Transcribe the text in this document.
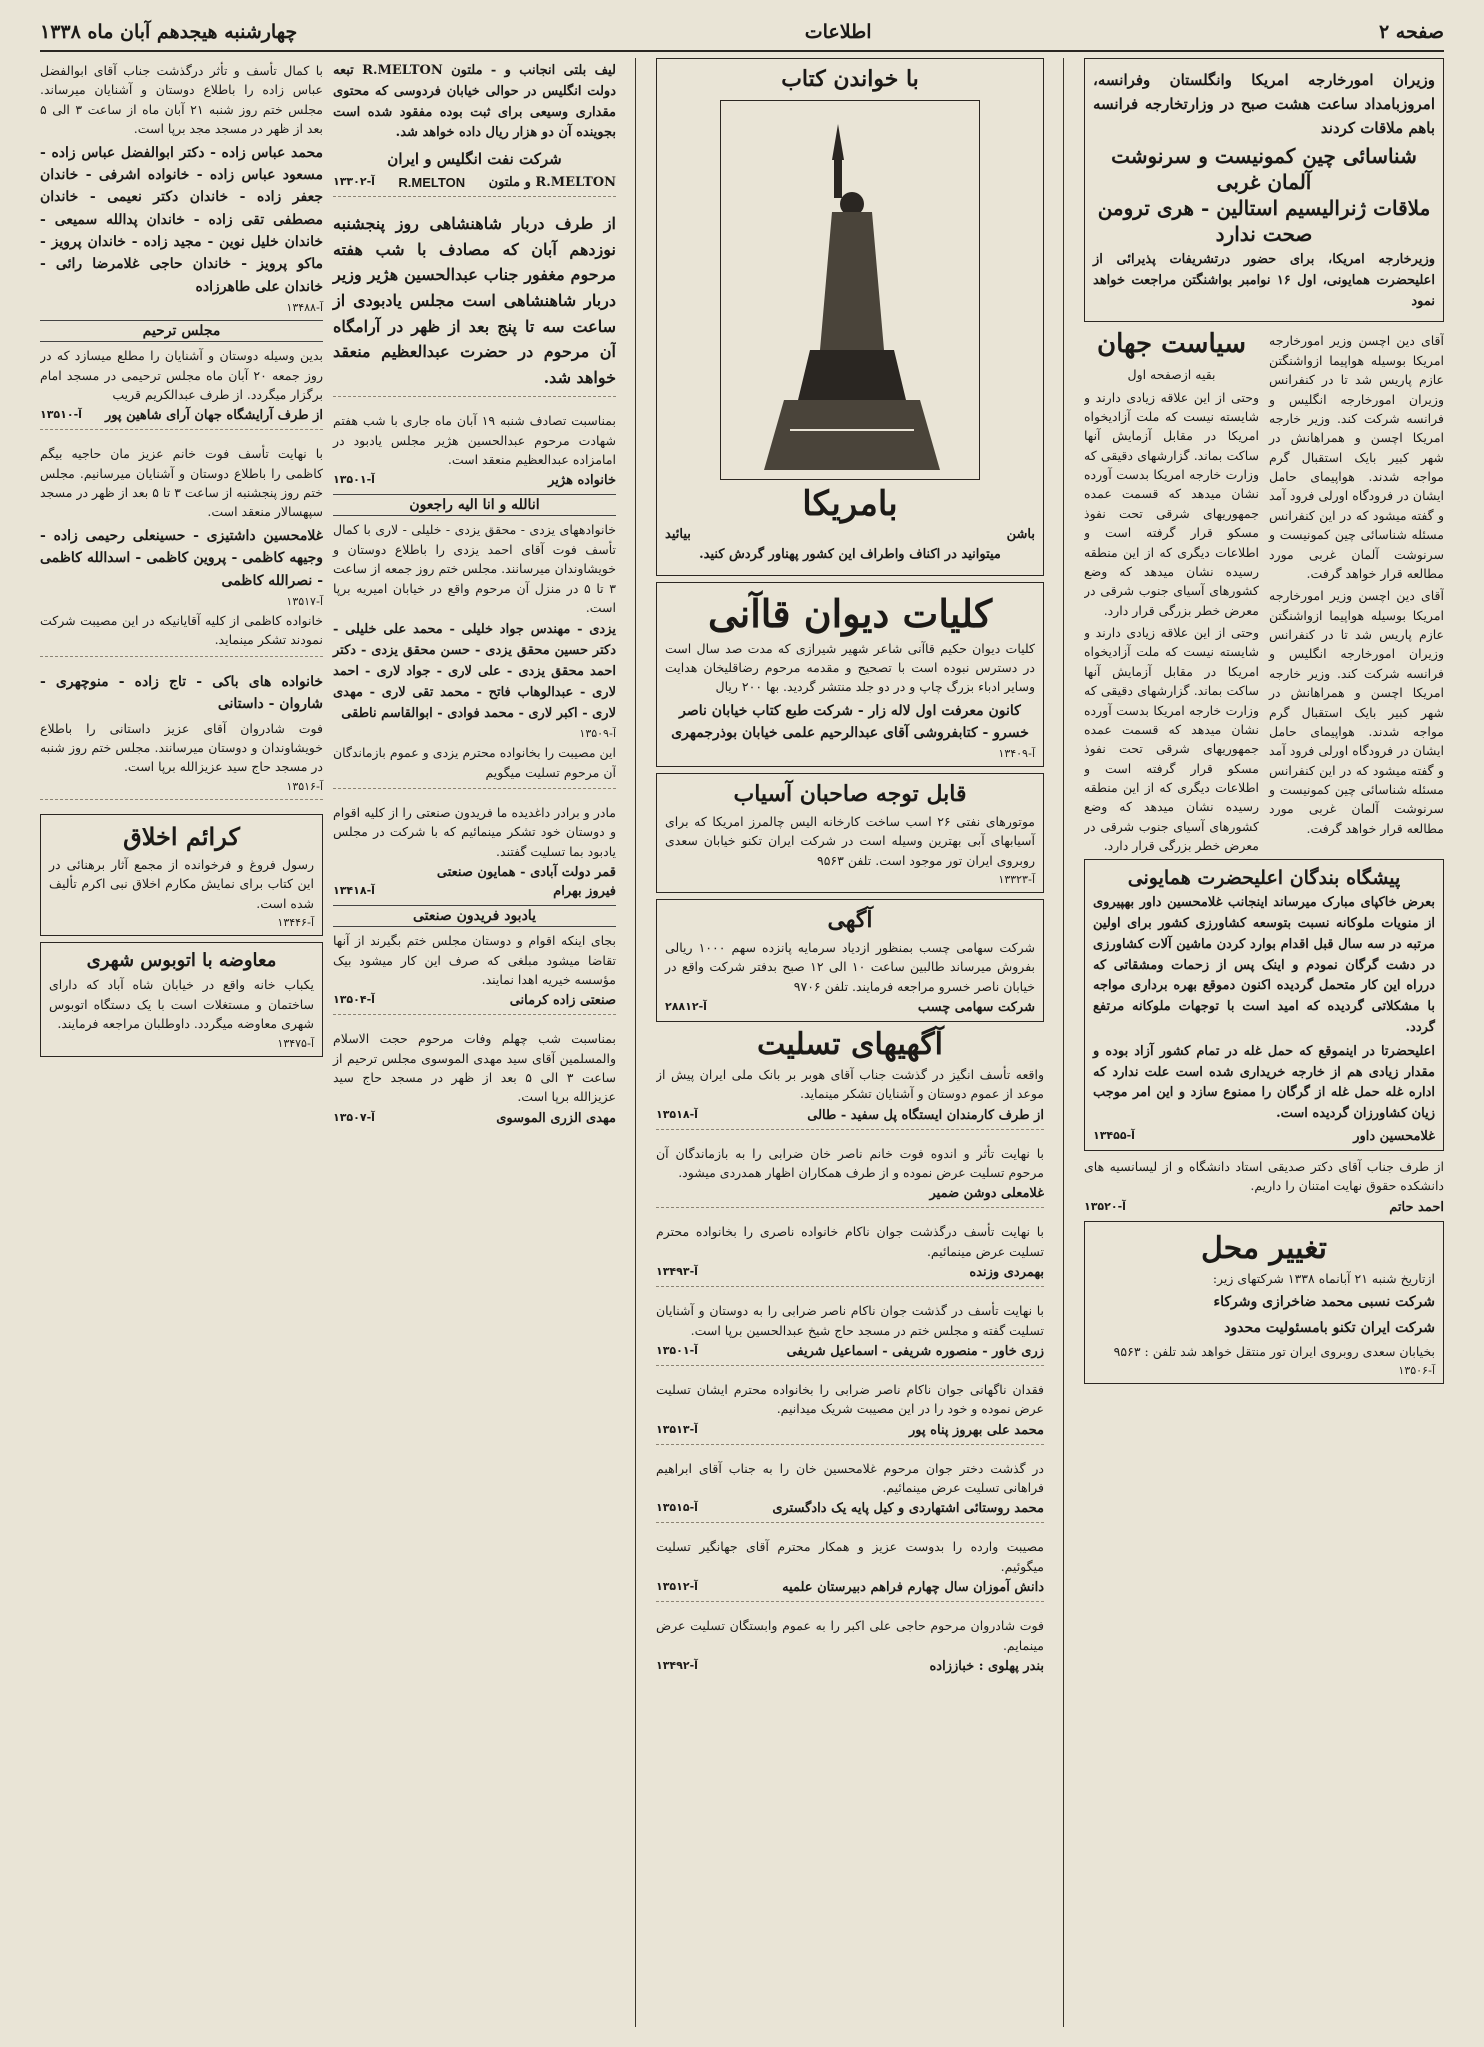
صفحه ۲
اطلاعات
چهارشنبه هیجدهم آبان ماه ۱۳۳۸
وزیران امورخارجه امریکا وانگلستان وفرانسه، امروزبامداد ساعت هشت صبح در وزارتخارجه فرانسه باهم ملاقات کردند
شناسائی چین کمونیست و سرنوشت آلمان غربی
ملاقات ژنرالیسیم استالین - هری ترومن صحت ندارد
وزیرخارجه امریکا، برای حضور درتشریفات پذیرائی از اعلیحضرت همایونی، اول ۱۶ نوامبر بواشنگتن مراجعت خواهد نمود
آقای دین اچسن وزیر امورخارجه امریکا بوسیله هواپیما ازواشنگتن عازم پاریس شد تا در کنفرانس وزیران امورخارجه انگلیس و فرانسه شرکت کند. وزیر خارجه امریکا اچسن و همراهانش در شهر کبیر بایک استقبال گرم مواجه شدند. هواپیمای حامل ایشان در فرودگاه اورلی فرود آمد و گفته میشود که در این کنفرانس مسئله شناسائی چین کمونیست و سرنوشت آلمان غربی مورد مطالعه قرار خواهد گرفت.
آقای دین اچسن وزیر امورخارجه امریکا بوسیله هواپیما ازواشنگتن عازم پاریس شد تا در کنفرانس وزیران امورخارجه انگلیس و فرانسه شرکت کند. وزیر خارجه امریکا اچسن و همراهانش در شهر کبیر بایک استقبال گرم مواجه شدند. هواپیمای حامل ایشان در فرودگاه اورلی فرود آمد و گفته میشود که در این کنفرانس مسئله شناسائی چین کمونیست و سرنوشت آلمان غربی مورد مطالعه قرار خواهد گرفت.
سیاست جهان
بقیه ازصفحه اول
وحتی از این علاقه زیادی دارند و شایسته نیست که ملت آزادیخواه امریکا در مقابل آزمایش آنها ساکت بماند. گزارشهای دقیقی که وزارت خارجه امریکا بدست آورده نشان میدهد که قسمت عمده جمهوریهای شرقی تحت نفوذ مسکو قرار گرفته است و اطلاعات دیگری که از این منطقه رسیده نشان میدهد که وضع کشورهای آسیای جنوب شرقی در معرض خطر بزرگی قرار دارد.
وحتی از این علاقه زیادی دارند و شایسته نیست که ملت آزادیخواه امریکا در مقابل آزمایش آنها ساکت بماند. گزارشهای دقیقی که وزارت خارجه امریکا بدست آورده نشان میدهد که قسمت عمده جمهوریهای شرقی تحت نفوذ مسکو قرار گرفته است و اطلاعات دیگری که از این منطقه رسیده نشان میدهد که وضع کشورهای آسیای جنوب شرقی در معرض خطر بزرگی قرار دارد.
پیشگاه بندگان اعلیحضرت همایونی
بعرض خاکپای مبارک میرساند اینجانب غلامحسین داور بهپیروی از منویات ملوکانه نسبت بتوسعه کشاورزی کشور برای اولین مرتبه در سه سال قبل اقدام بوارد کردن ماشین آلات کشاورزی در دشت گرگان نمودم و اینک پس از زحمات ومشقاتی که درراه این کار متحمل گردیده اکنون دموقع بهره برداری مواجه با مشکلاتی گردیده که امید است با توجهات ملوکانه مرتفع گردد.
اعلیحضرتا در اینموقع که حمل غله در تمام کشور آزاد بوده و مقدار زیادی هم از خارجه خریداری شده است علت ندارد که اداره غله حمل غله از گرگان را ممنوع سازد و این امر موجب زیان کشاورزان گردیده است.
غلامحسین داور
آ-۱۳۴۵۵
از طرف جناب آقای دکتر صدیقی استاد دانشگاه و از لیسانسیه های دانشکده حقوق نهایت امتنان را داریم.
احمد حاتم
آ-۱۳۵۲۰
تغییر محل
ازتاریخ شنبه ۲۱ آبانماه ۱۳۳۸ شرکتهای زیر:
شرکت نسبی محمد ضاخرازی وشرکاء
شرکت ایران تکنو بامسئولیت محدود
بخیابان سعدی روبروی ایران تور منتقل خواهد شد تلفن : ۹۵۶۳
آ-۱۳۵۰۶
با خواندن کتاب
بامریکا
باشن
بیائید
میتوانید در اکناف واطراف این کشور پهناور گردش کنید.
کلیات دیوان قاآنی
کلیات دیوان حکیم قاآنی شاعر شهیر شیرازی که مدت صد سال است در دسترس نبوده است با تصحیح و مقدمه مرحوم رضاقلیخان هدایت وسایر ادباء بزرگ چاپ و در دو جلد منتشر گردید. بها ۲۰۰ ریال
کانون معرفت اول لاله زار - شرکت طبع کتاب خیابان ناصر خسرو - کتابفروشی آقای عبدالرحیم علمی خیابان بوذرجمهری
آ-۱۳۴۰۹
قابل توجه صاحبان آسیاب
موتورهای نفتی ۲۶ اسب ساخت کارخانه الیس چالمرز امریکا که برای آسیابهای آبی بهترین وسیله است در شرکت ایران تکنو خیابان سعدی روبروی ایران تور موجود است. تلفن ۹۵۶۳
آ-۱۳۳۲۳
آگهی
شرکت سهامی چسب بمنظور ازدیاد سرمایه پانزده سهم ۱۰۰۰ ریالی بفروش میرساند طالبین ساعت ۱۰ الی ۱۲ صبح بدفتر شرکت واقع در خیابان ناصر خسرو مراجعه فرمایند. تلفن ۹۷۰۶
شرکت سهامی چسب
آ-۲۸۸۱۲
آگهیهای تسلیت
واقعه تأسف انگیز در گذشت جناب آقای هوبر بر بانک ملی ایران پیش از موعد از عموم دوستان و آشنایان تشکر مینماید.
از طرف کارمندان ایستگاه پل سفید - طالی
آ-۱۳۵۱۸
با نهایت تأثر و اندوه فوت خانم ناصر خان ضرابی را به بازماندگان آن مرحوم تسلیت عرض نموده و از طرف همکاران اظهار همدردی میشود.
غلامعلی دوشن ضمیر
با نهایت تأسف درگذشت جوان ناکام خانواده ناصری را بخانواده محترم تسلیت عرض مینمائیم.
بهمردی وزنده
آ-۱۳۴۹۳
با نهایت تأسف در گذشت جوان ناکام ناصر ضرابی را به دوستان و آشنایان تسلیت گفته و مجلس ختم در مسجد حاج شیخ عبدالحسین برپا است.
زری خاور - منصوره شریفی - اسماعیل شریفی
آ-۱۳۵۰۱
فقدان ناگهانی جوان ناکام ناصر ضرابی را بخانواده محترم ایشان تسلیت عرض نموده و خود را در این مصیبت شریک میدانیم.
محمد علی بهروز پناه پور
آ-۱۳۵۱۳
در گذشت دختر جوان مرحوم غلامحسین خان را به جناب آقای ابراهیم فراهانی تسلیت عرض مینمائیم.
محمد روستائی اشتهاردی و کیل پایه یک دادگستری
آ-۱۳۵۱۵
مصیبت وارده را بدوست عزیز و همکار محترم آقای جهانگیر تسلیت میگوئیم.
دانش آموزان سال چهارم فراهم دبیرستان علمیه
آ-۱۳۵۱۲
فوت شادروان مرحوم حاجی علی اکبر را به عموم وابستگان تسلیت عرض مینمایم.
بندر پهلوی : خباززاده
آ-۱۳۴۹۲
لیف بلتی انجانب و - ملتون R.MELTON تبعه دولت انگلیس در حوالی خیابان فردوسی که محتوی مقداری وسیعی برای ثبت بوده مفقود شده است بجوینده آن دو هزار ریال داده خواهد شد.
شرکت نفت انگلیس و ایران
R.MELTON و ملتون
R.MELTON
آ-۱۳۳۰۲
از طرف دربار شاهنشاهی روز پنجشنبه نوزدهم آبان که مصادف با شب هفته مرحوم مغفور جناب عبدالحسین هژیر وزیر دربار شاهنشاهی است مجلس یادبودی از ساعت سه تا پنج بعد از ظهر در آرامگاه آن مرحوم در حضرت عبدالعظیم منعقد خواهد شد.
بمناسبت تصادف شنبه ۱۹ آبان ماه جاری با شب هفتم شهادت مرحوم عبدالحسین هژیر مجلس یادبود در امامزاده عبدالعظیم منعقد است.
خانواده هژیر
آ-۱۳۵۰۱
انالله و انا الیه راجعون
خانوادههای یزدی - محقق یزدی - خلیلی - لاری با کمال تأسف فوت آقای احمد یزدی را باطلاع دوستان و خویشاوندان میرسانند. مجلس ختم روز جمعه از ساعت ۳ تا ۵ در منزل آن مرحوم واقع در خیابان امیریه برپا است.
یزدی - مهندس جواد خلیلی - محمد علی خلیلی - دکتر حسین محقق یزدی - حسن محقق یزدی - دکتر احمد محقق یزدی - علی لاری - جواد لاری - احمد لاری - عبدالوهاب فاتح - محمد تقی لاری - مهدی لاری - اکبر لاری - محمد فوادی - ابوالقاسم ناطقی
آ-۱۳۵۰۹
این مصیبت را بخانواده محترم یزدی و عموم بازماندگان آن مرحوم تسلیت میگویم
مادر و برادر داغدیده ما فریدون صنعتی را از کلیه اقوام و دوستان خود تشکر مینمائیم که با شرکت در مجلس یادبود بما تسلیت گفتند.
قمر دولت آبادی - همایون صنعتی
فیروز بهرام
آ-۱۳۴۱۸
یادبود فریدون صنعتی
بجای اینکه اقوام و دوستان مجلس ختم بگیرند از آنها تقاضا میشود مبلغی که صرف این کار میشود بیک مؤسسه خیریه اهدا نمایند.
صنعتی زاده کرمانی
آ-۱۳۵۰۴
بمناسبت شب چهلم وفات مرحوم حجت الاسلام والمسلمین آقای سید مهدی الموسوی مجلس ترحیم از ساعت ۳ الی ۵ بعد از ظهر در مسجد حاج سید عزیزالله برپا است.
مهدی الزری الموسوی
آ-۱۳۵۰۷
با کمال تأسف و تأثر درگذشت جناب آقای ابوالفضل عباس زاده را باطلاع دوستان و آشنایان میرساند. مجلس ختم روز شنبه ۲۱ آبان ماه از ساعت ۳ الی ۵ بعد از ظهر در مسجد مجد برپا است.
محمد عباس زاده - دکتر ابوالفضل عباس زاده - مسعود عباس زاده - خانواده اشرفی - خاندان جعفر زاده - خاندان دکتر نعیمی - خاندان مصطفی تقی زاده - خاندان پدالله سمیعی - خاندان خلیل نوین - مجید زاده - خاندان پرویز - ماکو پرویز - خاندان حاجی غلامرضا رائی - خاندان علی طاهرزاده
آ-۱۳۴۸۸
مجلس ترحیم
بدین وسیله دوستان و آشنایان را مطلع میسازد که در روز جمعه ۲۰ آبان ماه مجلس ترحیمی در مسجد امام برگزار میگردد. از طرف عبدالکریم قریب
از طرف آرایشگاه جهان آرای شاهین پور
آ-۱۳۵۱۰
با نهایت تأسف فوت خانم عزیز مان حاجیه بیگم کاظمی را باطلاع دوستان و آشنایان میرسانیم. مجلس ختم روز پنجشنبه از ساعت ۳ تا ۵ بعد از ظهر در مسجد سپهسالار منعقد است.
غلامحسین داشتیزی - حسینعلی رحیمی زاده - وجیهه کاظمی - پروین کاظمی - اسدالله کاظمی - نصرالله کاظمی
آ-۱۳۵۱۷
خانواده کاظمی از کلیه آقایانیکه در این مصیبت شرکت نمودند تشکر مینماید.
خانواده های باکی - تاج زاده - منوچهری - شاروان - داستانی
فوت شادروان آقای عزیز داستانی را باطلاع خویشاوندان و دوستان میرسانند. مجلس ختم روز شنبه در مسجد حاج سید عزیزالله برپا است.
آ-۱۳۵۱۶
کرائم اخلاق
رسول فروغ و فرخوانده از مجمع آثار برهنائی در این کتاب برای نمایش مکارم اخلاق نبی اکرم تألیف شده است.
آ-۱۳۴۴۶
معاوضه با اتوبوس شهری
یکباب خانه واقع در خیابان شاه آباد که دارای ساختمان و مستغلات است با یک دستگاه اتوبوس شهری معاوضه میگردد. داوطلبان مراجعه فرمایند.
آ-۱۳۴۷۵
